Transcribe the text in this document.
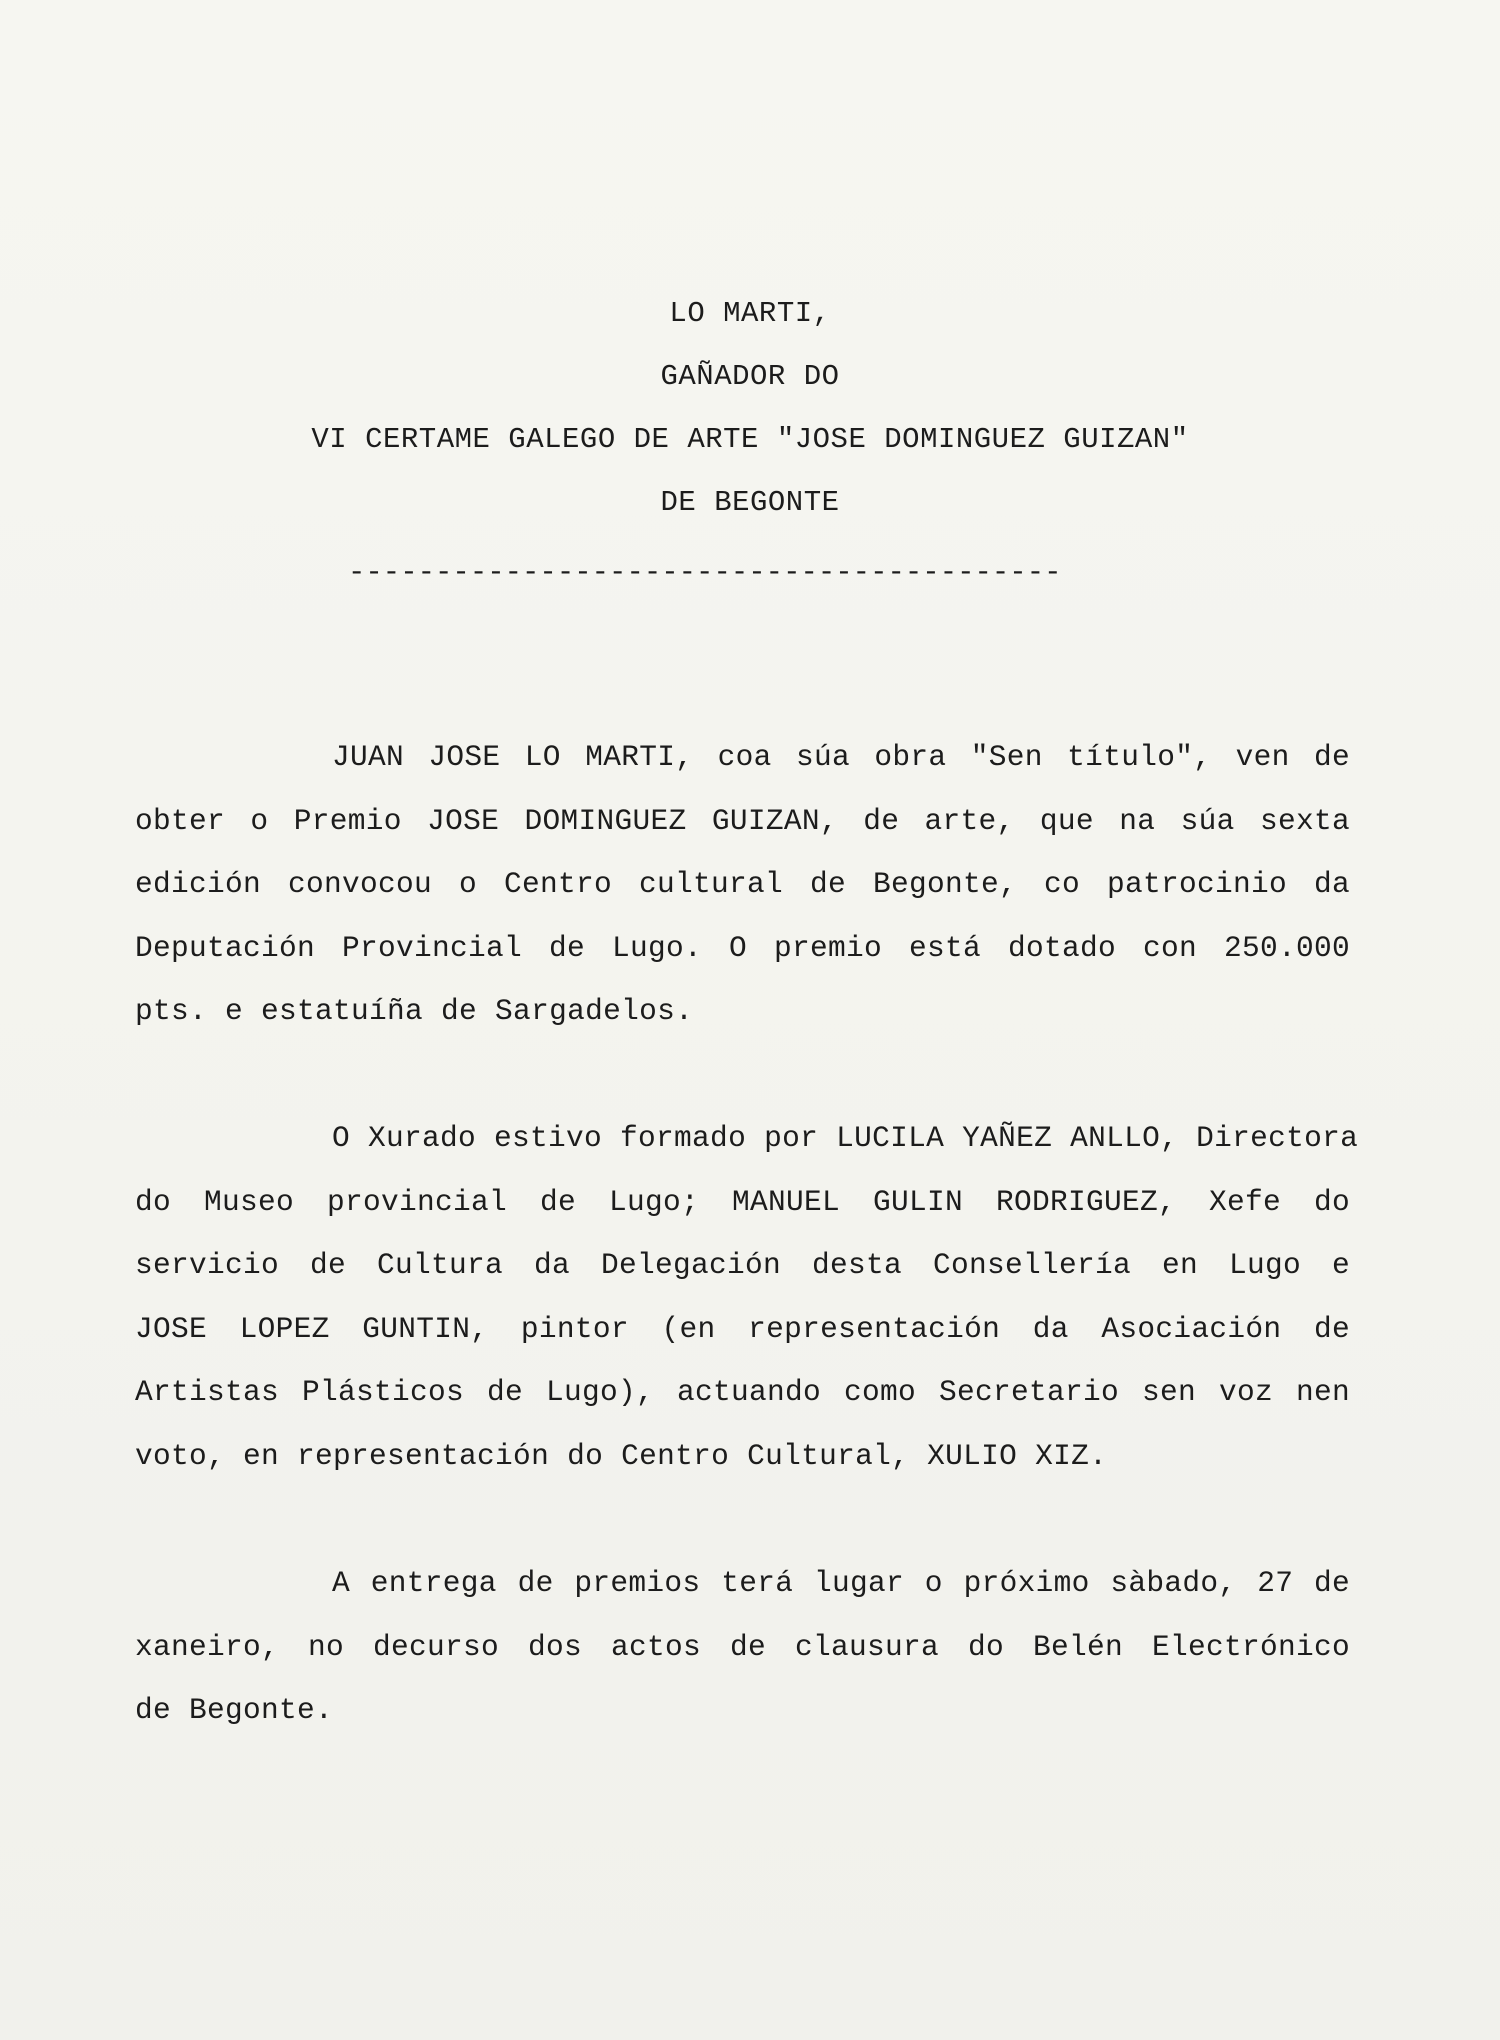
LO MARTI,
GAÑADOR DO
VI CERTAME GALEGO DE ARTE "JOSE DOMINGUEZ GUIZAN"
DE BEGONTE
-----------------------------------------
JUAN JOSE LO MARTI, coa súa obra "Sen título", ven de
obter o Premio JOSE DOMINGUEZ GUIZAN, de arte, que na súa sexta
edición convocou o Centro cultural de Begonte, co patrocinio da
Deputación Provincial de Lugo. O premio está dotado con 250.000
pts. e estatuíña de Sargadelos.
O Xurado estivo formado por LUCILA YAÑEZ ANLLO, Directora
do Museo provincial de Lugo; MANUEL GULIN RODRIGUEZ, Xefe do
servicio de Cultura da Delegación desta Consellería en Lugo e
JOSE LOPEZ GUNTIN, pintor (en representación da Asociación de
Artistas Plásticos de Lugo), actuando como Secretario sen voz nen
voto, en representación do Centro Cultural, XULIO XIZ.
A entrega de premios terá lugar o próximo sàbado, 27 de
xaneiro, no decurso dos actos de clausura do Belén Electrónico
de Begonte.
